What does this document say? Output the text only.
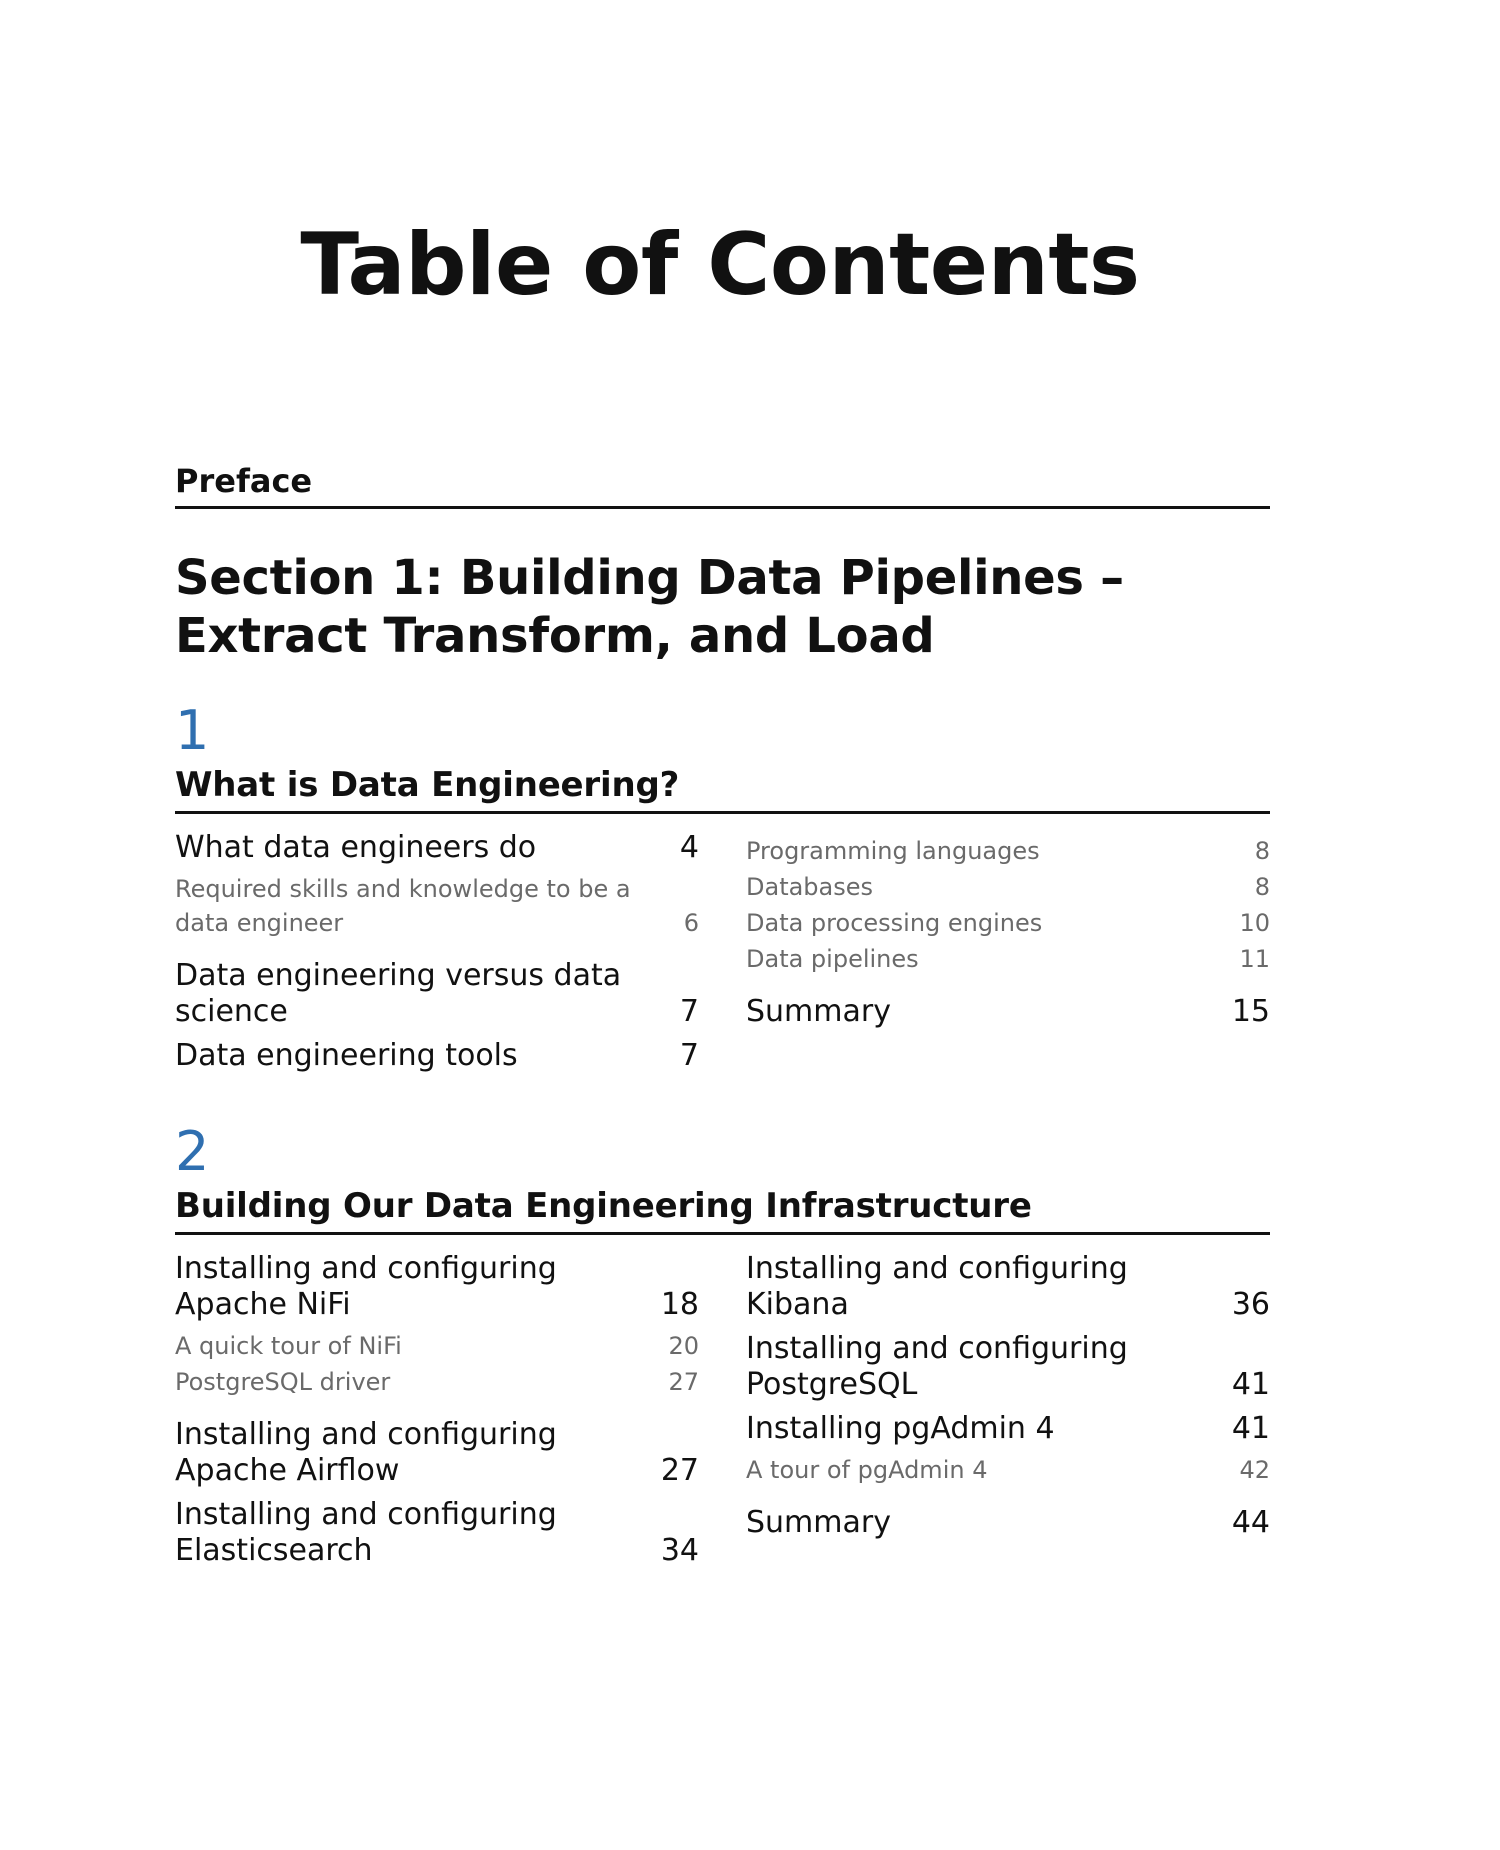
Table of Contents
Preface
Section 1: Building Data Pipelines – Extract Transform, and Load
1
What is Data Engineering?
What data engineers do	4
Required skills and knowledge to be a data engineer	6
Data engineering versus data science	7
Data engineering tools	7
Programming languages	8
Databases	8
Data processing engines	10
Data pipelines	11
Summary	15
2
Building Our Data Engineering Infrastructure
Installing and configuring Apache NiFi	18
A quick tour of NiFi	20
PostgreSQL driver	27
Installing and configuring Apache Airflow	27
Installing and configuring Elasticsearch	34
Installing and configuring Kibana	36
Installing and configuring PostgreSQL	41
Installing pgAdmin 4	41
A tour of pgAdmin 4	42
Summary	44
